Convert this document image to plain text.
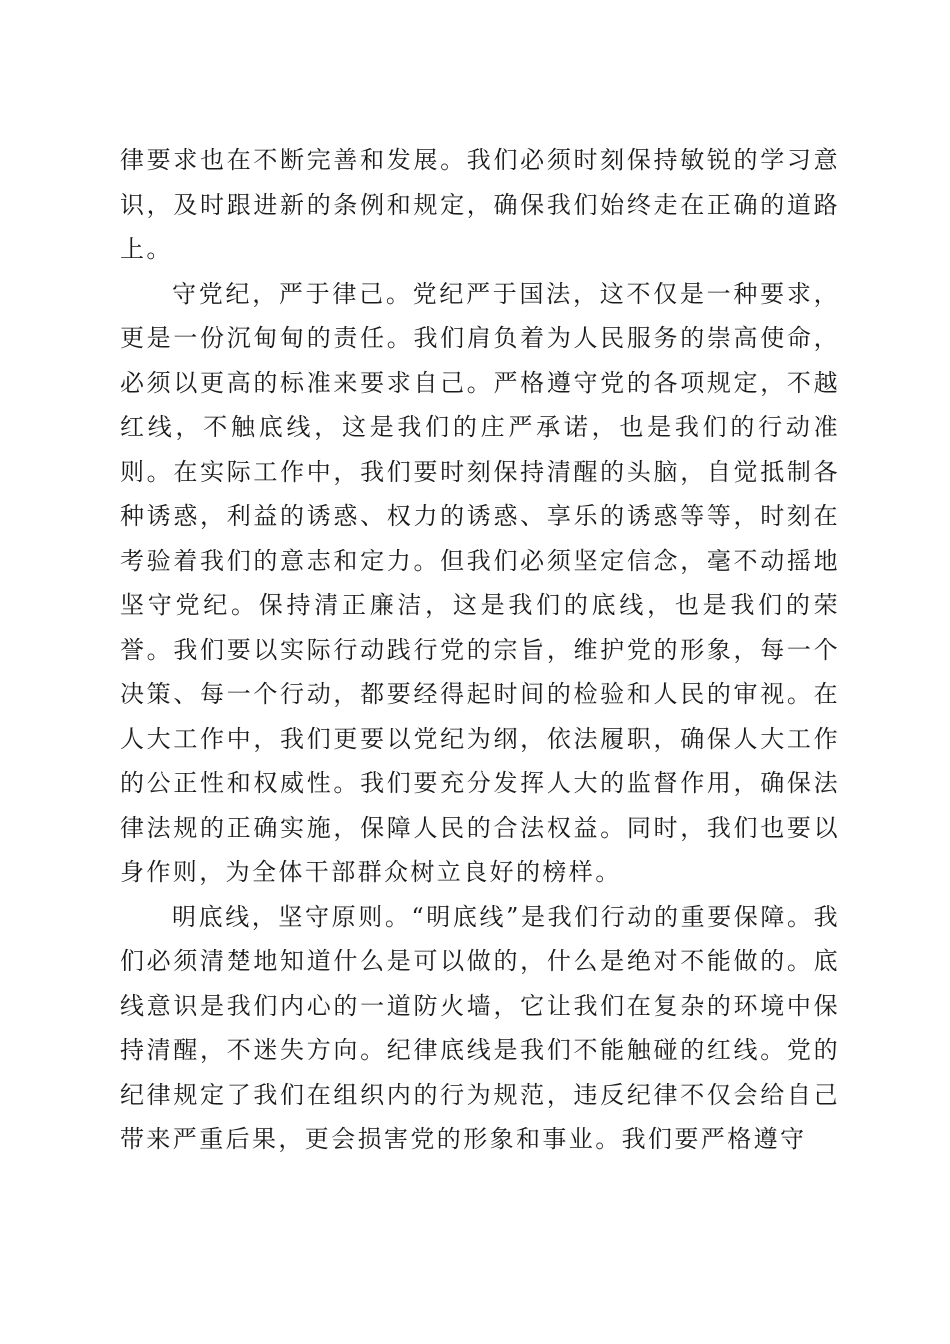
律要求也在不断完善和发展。我们必须时刻保持敏锐的学习意识，及时跟进新的条例和规定，确保我们始终走在正确的道路上。

守党纪，严于律己。党纪严于国法，这不仅是一种要求，更是一份沉甸甸的责任。我们肩负着为人民服务的崇高使命，必须以更高的标准来要求自己。严格遵守党的各项规定，不越红线，不触底线，这是我们的庄严承诺，也是我们的行动准则。在实际工作中，我们要时刻保持清醒的头脑，自觉抵制各种诱惑，利益的诱惑、权力的诱惑、享乐的诱惑等等，时刻在考验着我们的意志和定力。但我们必须坚定信念，毫不动摇地坚守党纪。保持清正廉洁，这是我们的底线，也是我们的荣誉。我们要以实际行动践行党的宗旨，维护党的形象，每一个决策、每一个行动，都要经得起时间的检验和人民的审视。在人大工作中，我们更要以党纪为纲，依法履职，确保人大工作的公正性和权威性。我们要充分发挥人大的监督作用，确保法律法规的正确实施，保障人民的合法权益。同时，我们也要以身作则，为全体干部群众树立良好的榜样。

明底线，坚守原则。“明底线”是我们行动的重要保障。我们必须清楚地知道什么是可以做的，什么是绝对不能做的。底线意识是我们内心的一道防火墙，它让我们在复杂的环境中保持清醒，不迷失方向。纪律底线是我们不能触碰的红线。党的纪律规定了我们在组织内的行为规范，违反纪律不仅会给自己带来严重后果，更会损害党的形象和事业。我们要严格遵守
